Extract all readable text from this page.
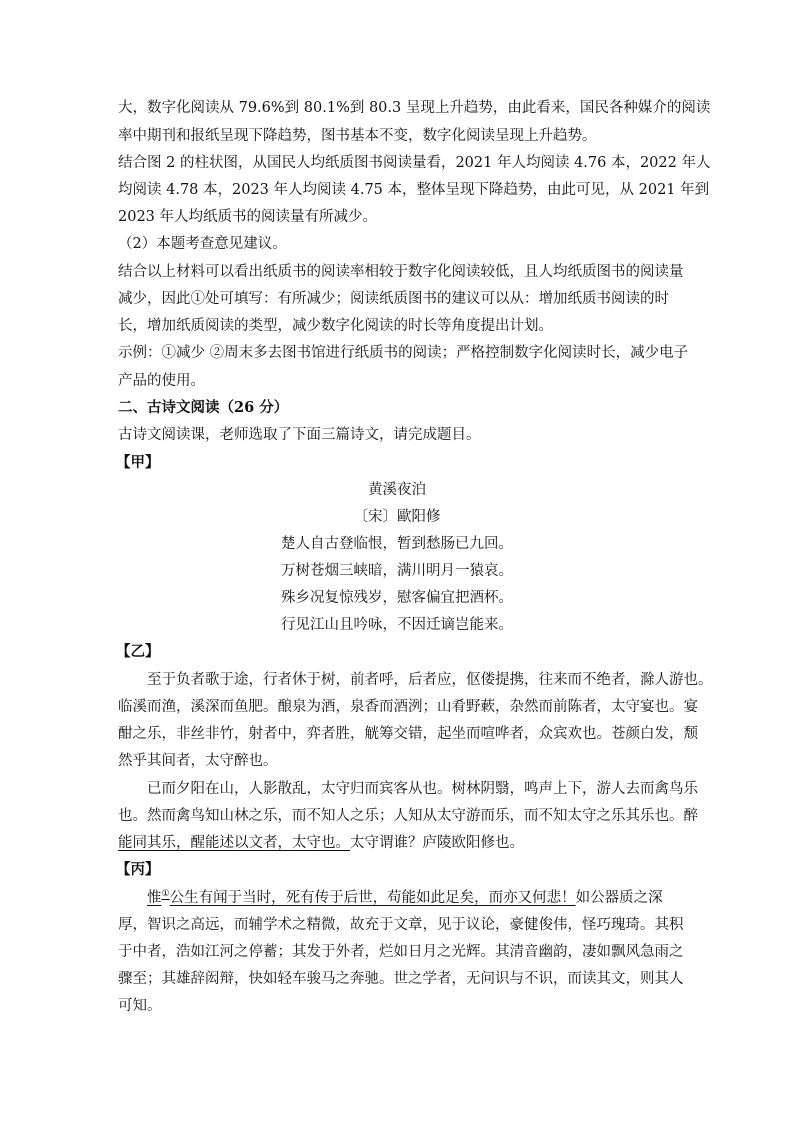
大，数字化阅读从 79.6%到 80.1%到 80.3 呈现上升趋势，由此看来，国民各种媒介的阅读
率中期刊和报纸呈现下降趋势，图书基本不变，数字化阅读呈现上升趋势。
结合图 2 的柱状图，从国民人均纸质图书阅读量看，2021 年人均阅读 4.76 本，2022 年人
均阅读 4.78 本，2023 年人均阅读 4.75 本，整体呈现下降趋势，由此可见，从 2021 年到
2023 年人均纸质书的阅读量有所减少。
（2）本题考查意见建议。
结合以上材料可以看出纸质书的阅读率相较于数字化阅读较低，且人均纸质图书的阅读量
减少，因此①处可填写：有所减少；阅读纸质图书的建议可以从：增加纸质书阅读的时
长，增加纸质阅读的类型，减少数字化阅读的时长等角度提出计划。
示例：①减少 ②周末多去图书馆进行纸质书的阅读；严格控制数字化阅读时长，减少电子
产品的使用。
二、古诗文阅读（26 分）
古诗文阅读课，老师选取了下面三篇诗文，请完成题目。
【甲】
黄溪夜泊
〔宋〕歐阳修
楚人自古登临恨，暂到愁肠已九回。
万树苍烟三峡暗，满川明月一猿哀。
殊乡况复惊残岁，慰客偏宜把酒杯。
行见江山且吟咏，不因迁谪岂能来。
【乙】
至于负者歌于途，行者休于树，前者呼，后者应，伛偻提携，往来而不绝者，滁人游也。
临溪而渔，溪深而鱼肥。酿泉为酒，泉香而酒洌；山肴野蔌，杂然而前陈者，太守宴也。宴
酣之乐，非丝非竹，射者中，弈者胜，觥筹交错，起坐而喧哗者，众宾欢也。苍颜白发，颓
然乎其间者，太守醉也。
已而夕阳在山，人影散乱，太守归而宾客从也。树林阴翳，鸣声上下，游人去而禽鸟乐
也。然而禽鸟知山林之乐，而不知人之乐；人知从太守游而乐，而不知太守之乐其乐也。醉
能同其乐，醒能述以文者，太守也。太守谓谁？庐陵欧阳修也。
【丙】
惟①公生有闻于当时，死有传于后世，苟能如此足矣，而亦又何悲！如公器质之深
厚，智识之高远，而辅学术之精微，故充于文章，见于议论，豪健俊伟，怪巧瑰琦。其积
于中者，浩如江河之停蓄；其发于外者，烂如日月之光辉。其清音幽韵，凄如飘风急雨之
骤至；其雄辞闳辩，快如轻车骏马之奔驰。世之学者，无问识与不识，而读其文，则其人
可知。
